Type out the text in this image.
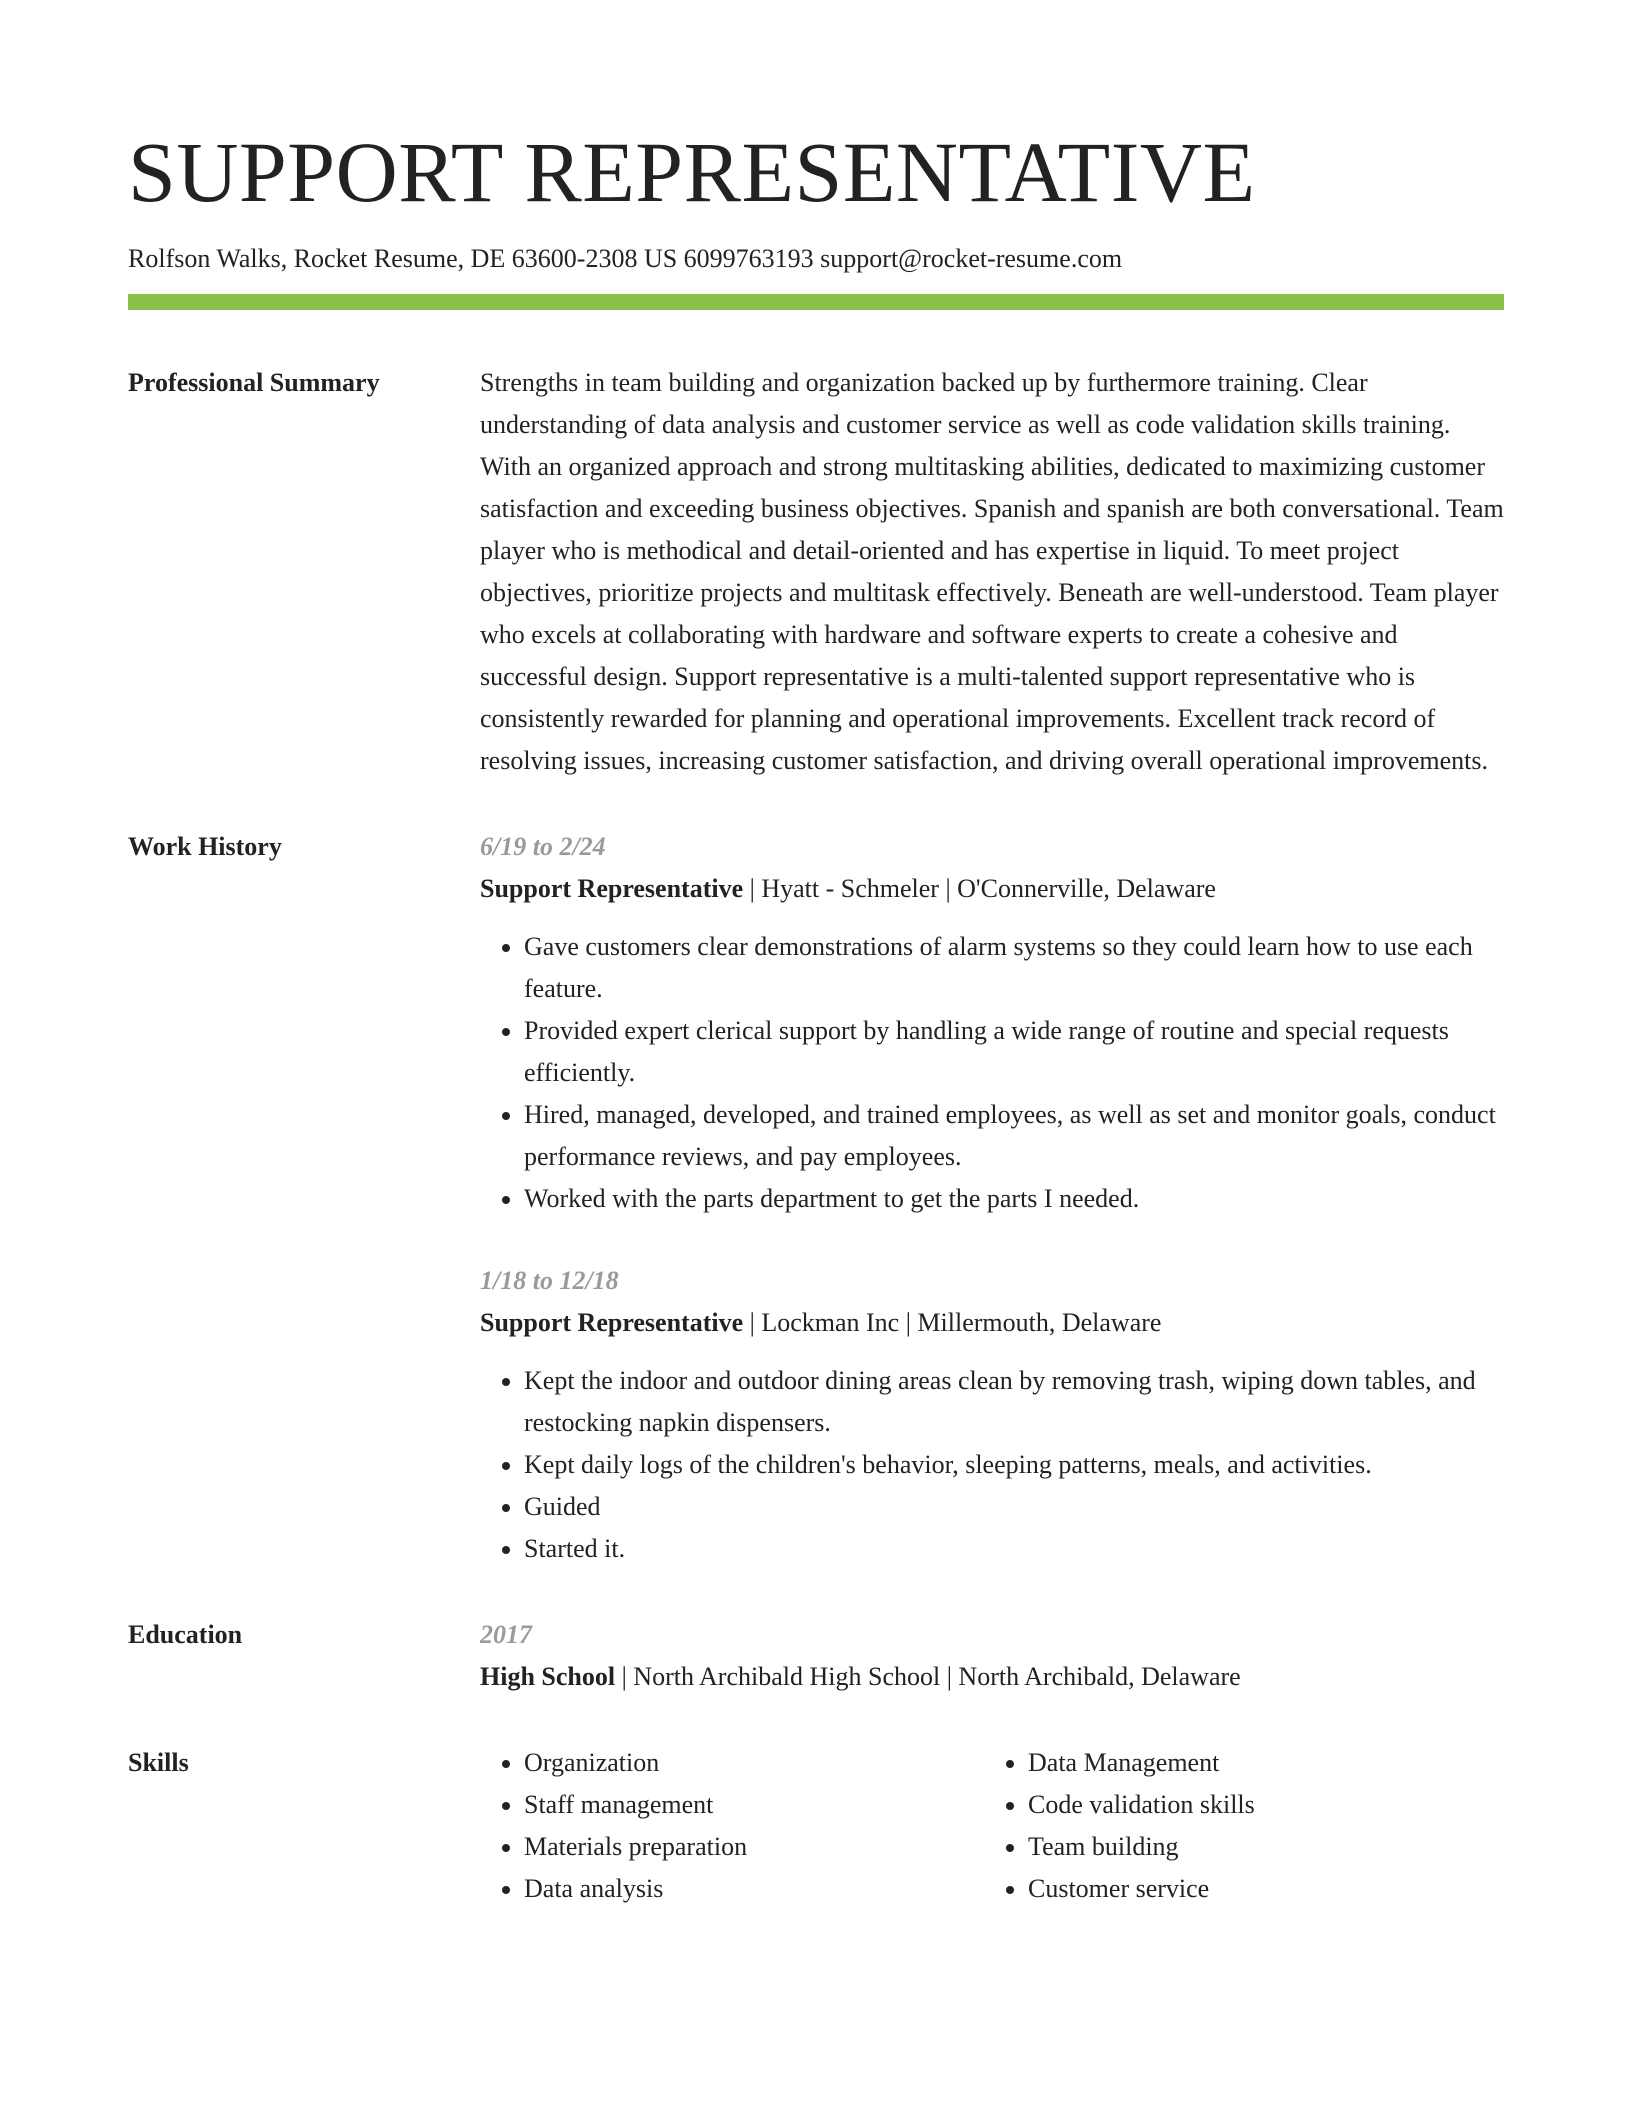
SUPPORT REPRESENTATIVE
Rolfson Walks, Rocket Resume, DE 63600-2308 US 6099763193 support@rocket-resume.com
Professional Summary	Strengths in team building and organization backed up by furthermore training. Clear understanding of data analysis and customer service as well as code validation skills training. With an organized approach and strong multitasking abilities, dedicated to maximizing customer satisfaction and exceeding business objectives. Spanish and spanish are both conversational. Team player who is methodical and detail-oriented and has expertise in liquid. To meet project objectives, prioritize projects and multitask effectively. Beneath are well-understood. Team player who excels at collaborating with hardware and software experts to create a cohesive and successful design. Support representative is a multi-talented support representative who is consistently rewarded for planning and operational improvements. Excellent track record of resolving issues, increasing customer satisfaction, and driving overall operational improvements.

Work History	6/19 to 2/24
Support Representative | Hyatt - Schmeler | O'Connerville, Delaware
• Gave customers clear demonstrations of alarm systems so they could learn how to use each feature.
• Provided expert clerical support by handling a wide range of routine and special requests efficiently.
• Hired, managed, developed, and trained employees, as well as set and monitor goals, conduct performance reviews, and pay employees.
• Worked with the parts department to get the parts I needed.
1/18 to 12/18
Support Representative | Lockman Inc | Millermouth, Delaware
• Kept the indoor and outdoor dining areas clean by removing trash, wiping down tables, and restocking napkin dispensers.
• Kept daily logs of the children's behavior, sleeping patterns, meals, and activities.
• Guided
• Started it.
Education	2017
High School | North Archibald High School | North Archibald, Delaware
Skills
•	Organization
• Staff management
• Materials preparation
• Data analysis
• Data Management
• Code validation skills
• Team building
• Customer service
